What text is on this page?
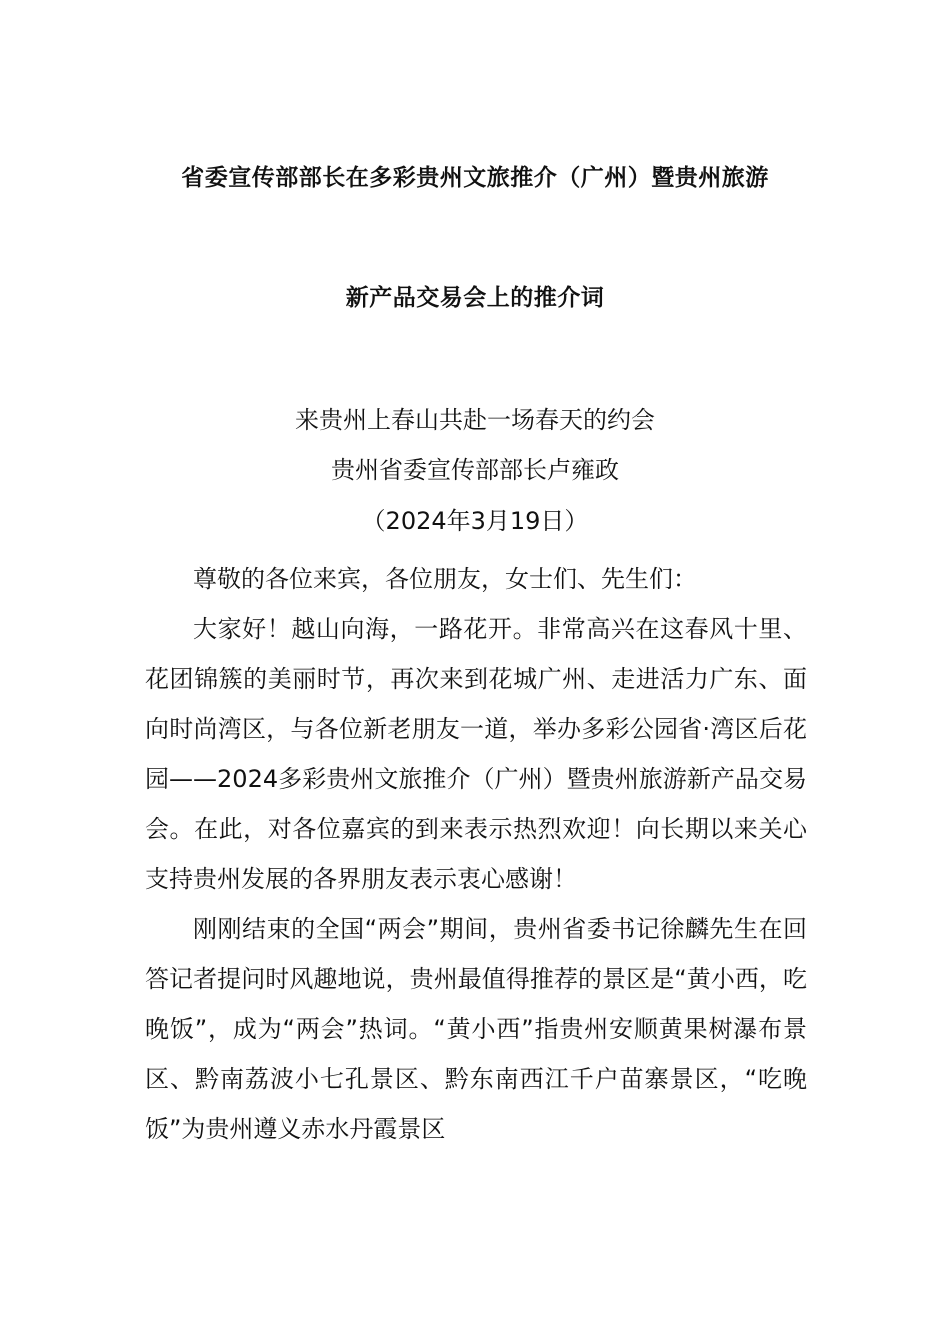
省委宣传部部长在多彩贵州文旅推介（广州）暨贵州旅游
新产品交易会上的推介词
来贵州上春山共赴一场春天的约会
贵州省委宣传部部长卢雍政
（2024年3月19日）

尊敬的各位来宾，各位朋友，女士们、先生们：

大家好！越山向海，一路花开。非常高兴在这春风十里、花团锦簇的美丽时节，再次来到花城广州、走进活力广东、面向时尚湾区，与各位新老朋友一道，举办多彩公园省·湾区后花园——2024多彩贵州文旅推介（广州）暨贵州旅游新产品交易会。在此，对各位嘉宾的到来表示热烈欢迎！向长期以来关心支持贵州发展的各界朋友表示衷心感谢！

刚刚结束的全国“两会”期间，贵州省委书记徐麟先生在回答记者提问时风趣地说，贵州最值得推荐的景区是“黄小西，吃晚饭”，成为“两会”热词。“黄小西”指贵州安顺黄果树瀑布景区、黔南荔波小七孔景区、黔东南西江千户苗寨景区，“吃晚饭”为贵州遵义赤水丹霞景区
